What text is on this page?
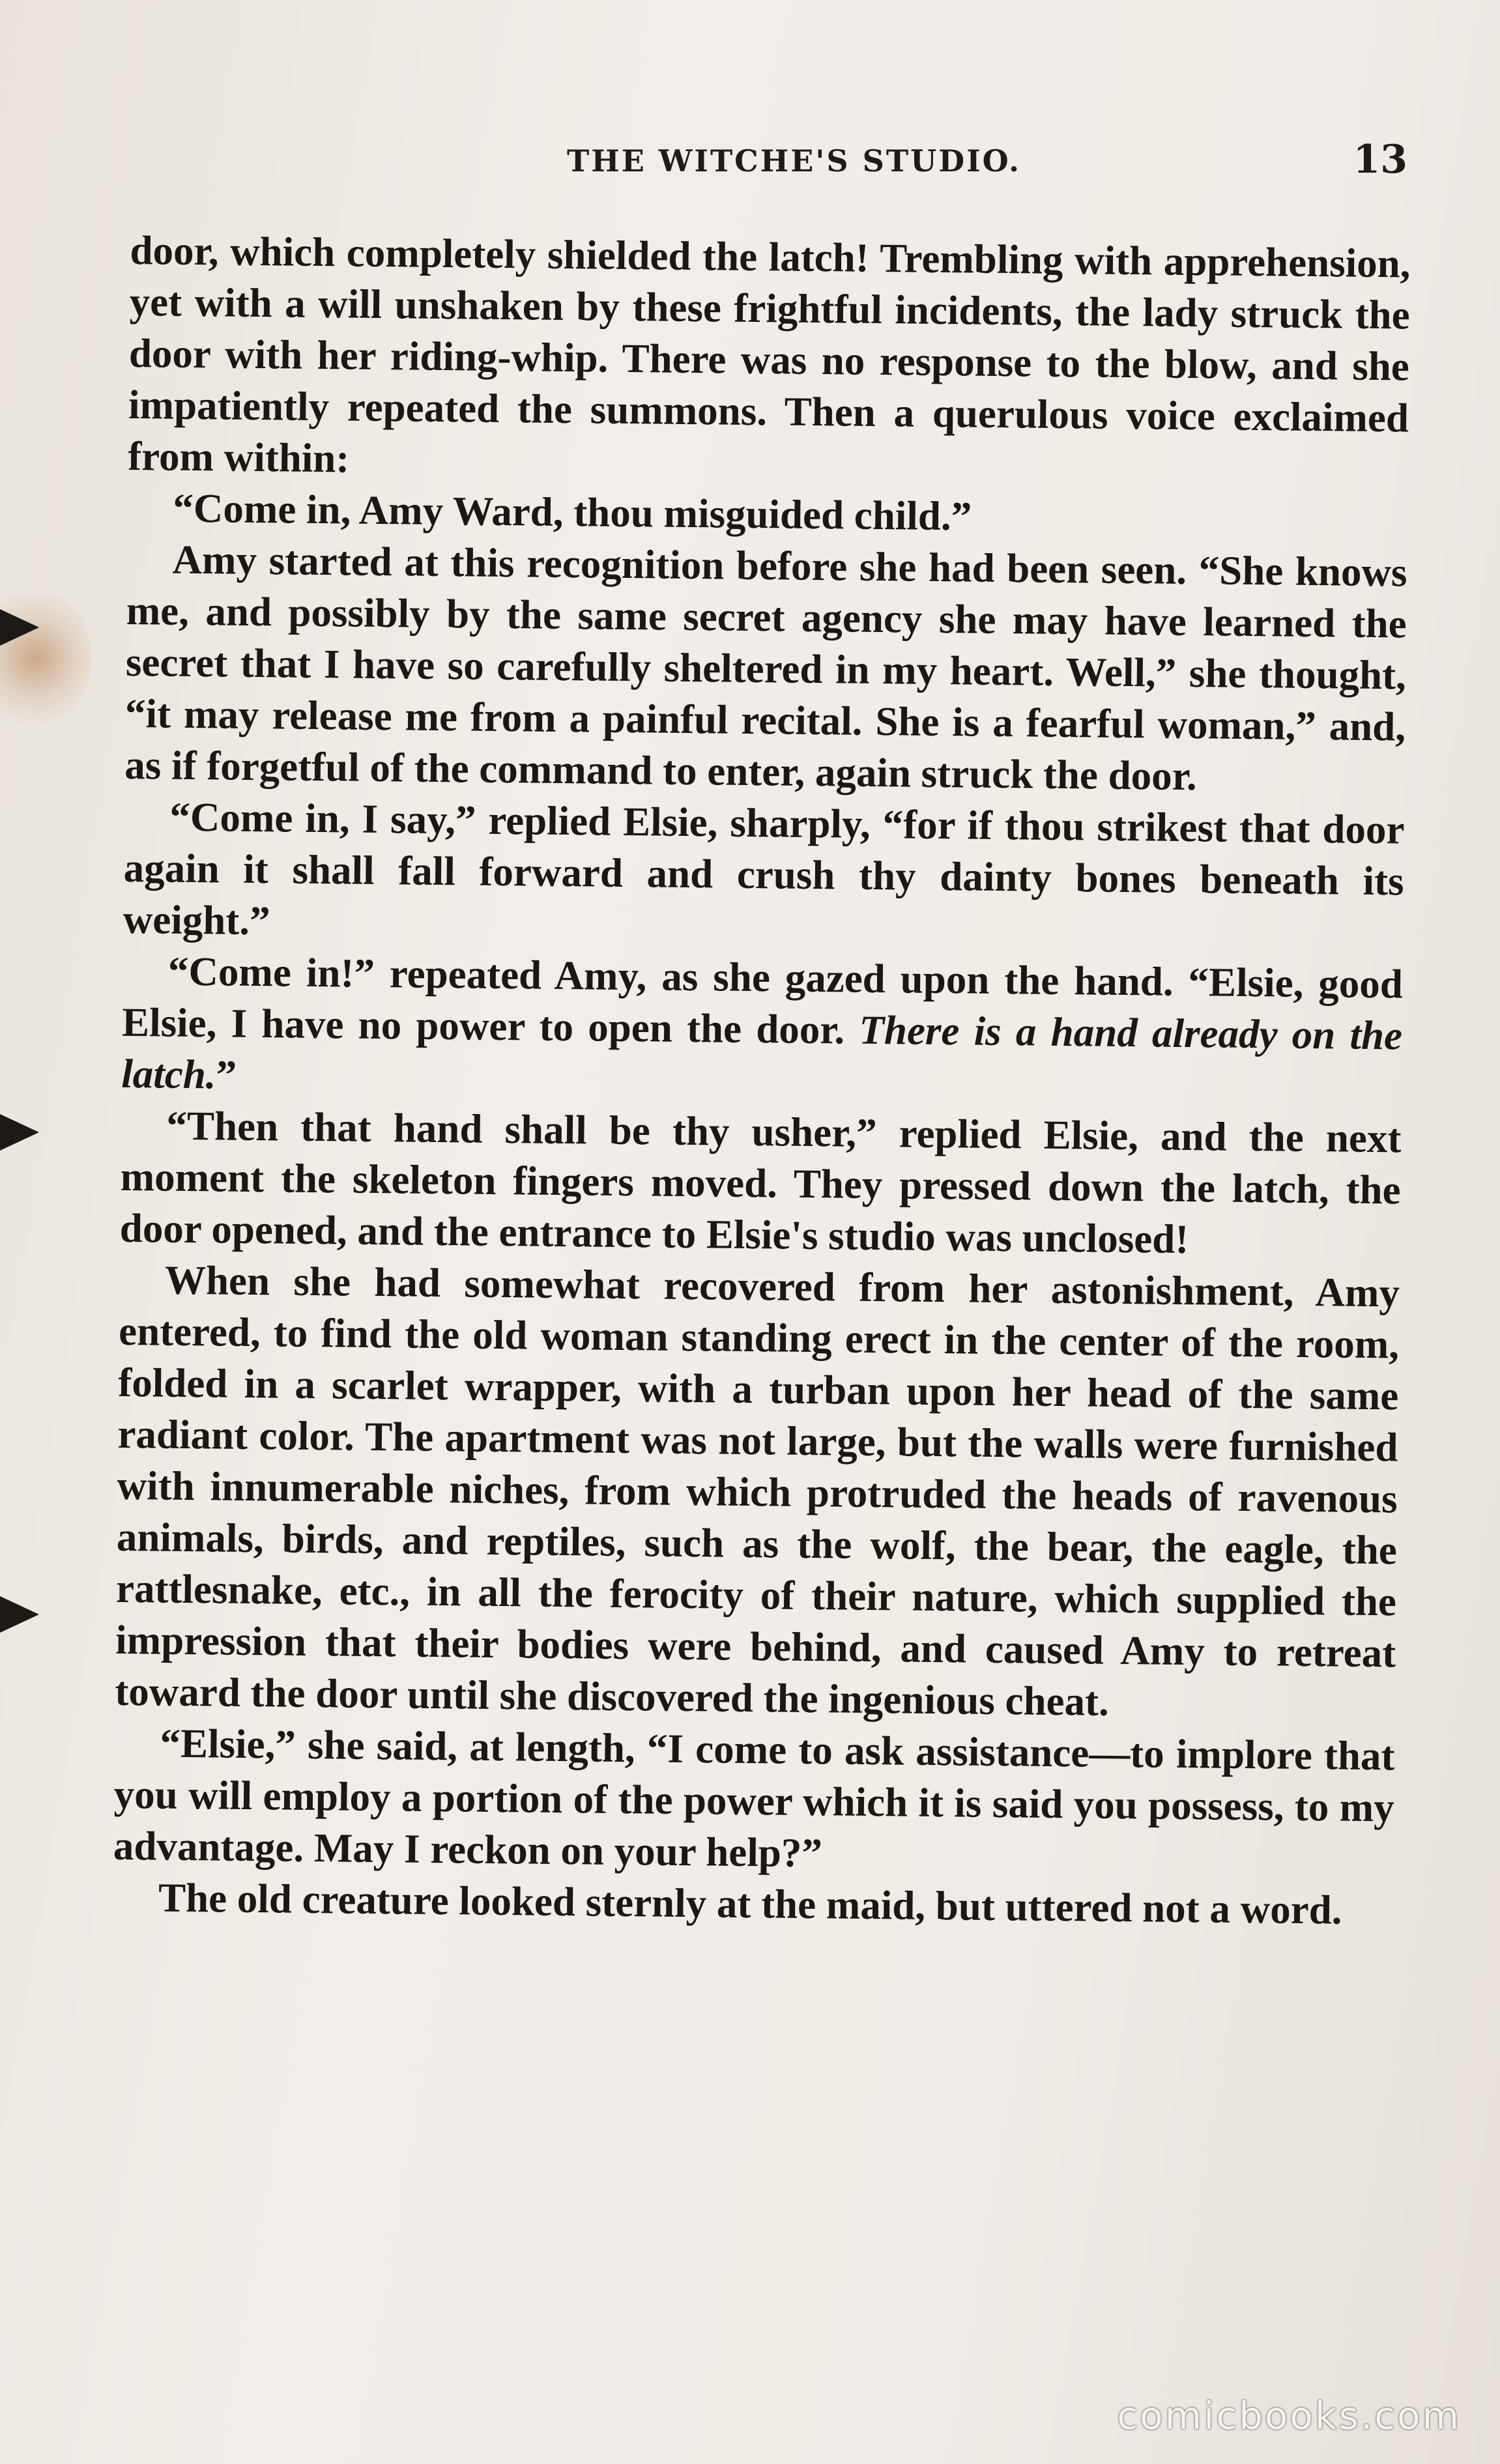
THE WITCHE'S STUDIO.	13

door, which completely shielded the latch! Trembling with apprehension, yet with a will unshaken by these frightful incidents, the lady struck the door with her riding-whip. There was no response to the blow, and she impatiently repeated the summons. Then a querulous voice exclaimed from within:

“Come in, Amy Ward, thou misguided child.”

Amy started at this recognition before she had been seen. “She knows me, and possibly by the same secret agency she may have learned the secret that I have so carefully sheltered in my heart. Well,” she thought, “it may release me from a painful recital. She is a fearful woman,” and, as if forgetful of the command to enter, again struck the door.

“Come in, I say,” replied Elsie, sharply, “for if thou strikest that door again it shall fall forward and crush thy dainty bones beneath its weight.”

“Come in!” repeated Amy, as she gazed upon the hand. “Elsie, good Elsie, I have no power to open the door. There is a hand already on the latch.”

“Then that hand shall be thy usher,” replied Elsie, and the next moment the skeleton fingers moved. They pressed down the latch, the door opened, and the entrance to Elsie's studio was unclosed!

When she had somewhat recovered from her astonishment, Amy entered, to find the old woman standing erect in the center of the room, folded in a scarlet wrapper, with a turban upon her head of the same radiant color. The apartment was not large, but the walls were furnished with innumerable niches, from which protruded the heads of ravenous animals, birds, and reptiles, such as the wolf, the bear, the eagle, the rattlesnake, etc., in all the ferocity of their nature, which supplied the impression that their bodies were behind, and caused Amy to retreat toward the door until she discovered the ingenious cheat.

“Elsie,” she said, at length, “I come to ask assistance—to implore that you will employ a portion of the power which it is said you possess, to my advantage. May I reckon on your help?”

The old creature looked sternly at the maid, but uttered not a word.

comicbooks.com
